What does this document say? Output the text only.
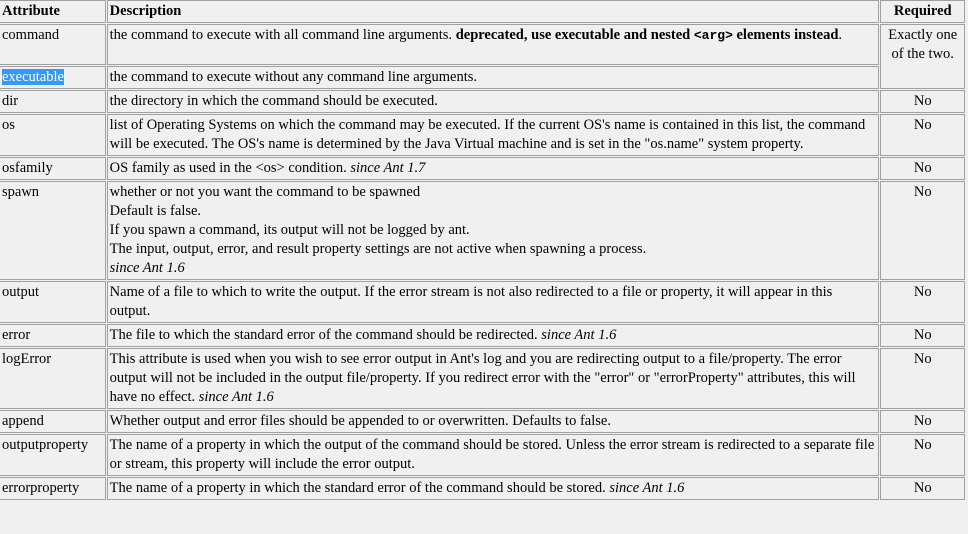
Attribute	Description	Required
command	the command to execute with all command line arguments. deprecated, use executable and nested <arg> elements instead.	Exactly one of the two.
executable	the command to execute without any command line arguments.	
dir	the directory in which the command should be executed.	No
os	list of Operating Systems on which the command may be executed. If the current OS's name is contained in this list, the command will be executed. The OS's name is determined by the Java Virtual machine and is set in the "os.name" system property.	No
osfamily	OS family as used in the <os> condition. since Ant 1.7	No
spawn	whether or not you want the command to be spawned
Default is false.
If you spawn a command, its output will not be logged by ant.
The input, output, error, and result property settings are not active when spawning a process.
since Ant 1.6	No
output	Name of a file to which to write the output. If the error stream is not also redirected to a file or property, it will appear in this output.	No
error	The file to which the standard error of the command should be redirected. since Ant 1.6	No
logError	This attribute is used when you wish to see error output in Ant's log and you are redirecting output to a file/property. The error output will not be included in the output file/property. If you redirect error with the "error" or "errorProperty" attributes, this will have no effect. since Ant 1.6	No
append	Whether output and error files should be appended to or overwritten. Defaults to false.	No
outputproperty	The name of a property in which the output of the command should be stored. Unless the error stream is redirected to a separate file or stream, this property will include the error output.	No
errorproperty	The name of a property in which the standard error of the command should be stored. since Ant 1.6	No
